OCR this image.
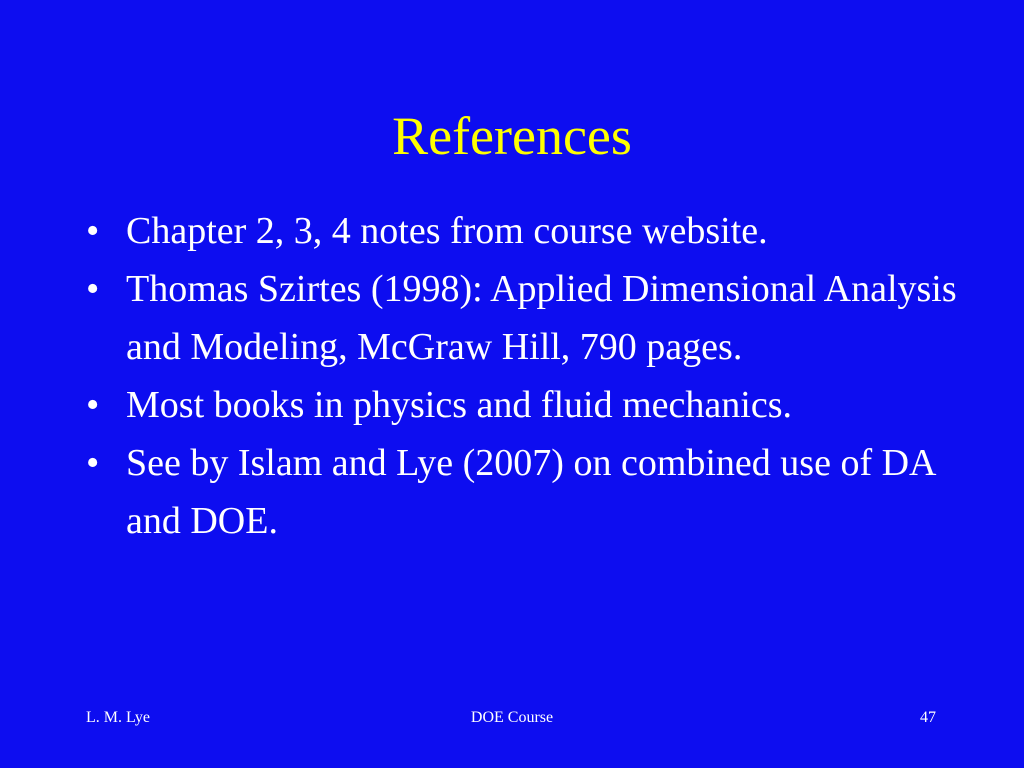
References
• Chapter 2, 3, 4 notes from course website.
• Thomas Szirtes (1998): Applied Dimensional Analysis and Modeling, McGraw Hill, 790 pages.
• Most books in physics and fluid mechanics.
• See by Islam and Lye (2007) on combined use of DA and DOE.
L. M. Lye	DOE Course	47
